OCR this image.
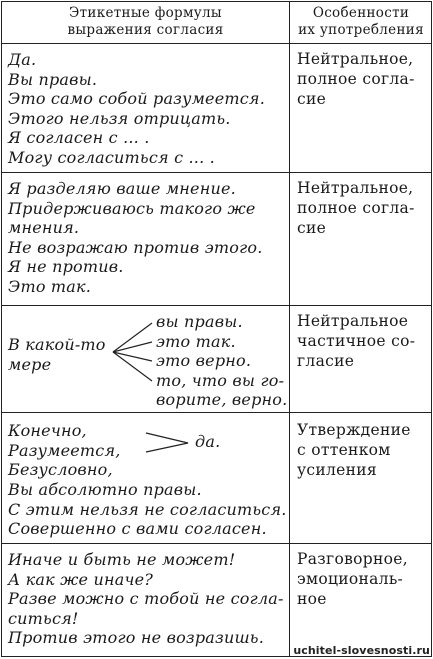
Этикетные формулы
выражения согласия
Особенности
их употребления
Да.
Вы правы.
Это само собой разумеется.
Этого нельзя отрицать.
Я согласен с ... .
Могу согласиться с ... .
Нейтральное,
полное согла-
сие
Я разделяю ваше мнение.
Придерживаюсь такого же
мнения.
Не возражаю против этого.
Я не против.
Это так.
Нейтральное,
полное согла-
сие
В какой-то
мере
вы правы.
это так.
это верно.
то, что вы го-
ворите, верно.
Нейтральное
частичное со-
гласие
Конечно,
Разумеется,
Безусловно,
да.
Вы абсолютно правы.
С этим нельзя не согласиться.
Совершенно с вами согласен.
Утверждение
с оттенком
усиления
Иначе и быть не может!
А как же иначе?
Разве можно с тобой не согла-
ситься!
Против этого не возразишь.
Разговорное,
эмоциональ-
ное
uchitel-slovesnosti.ru
